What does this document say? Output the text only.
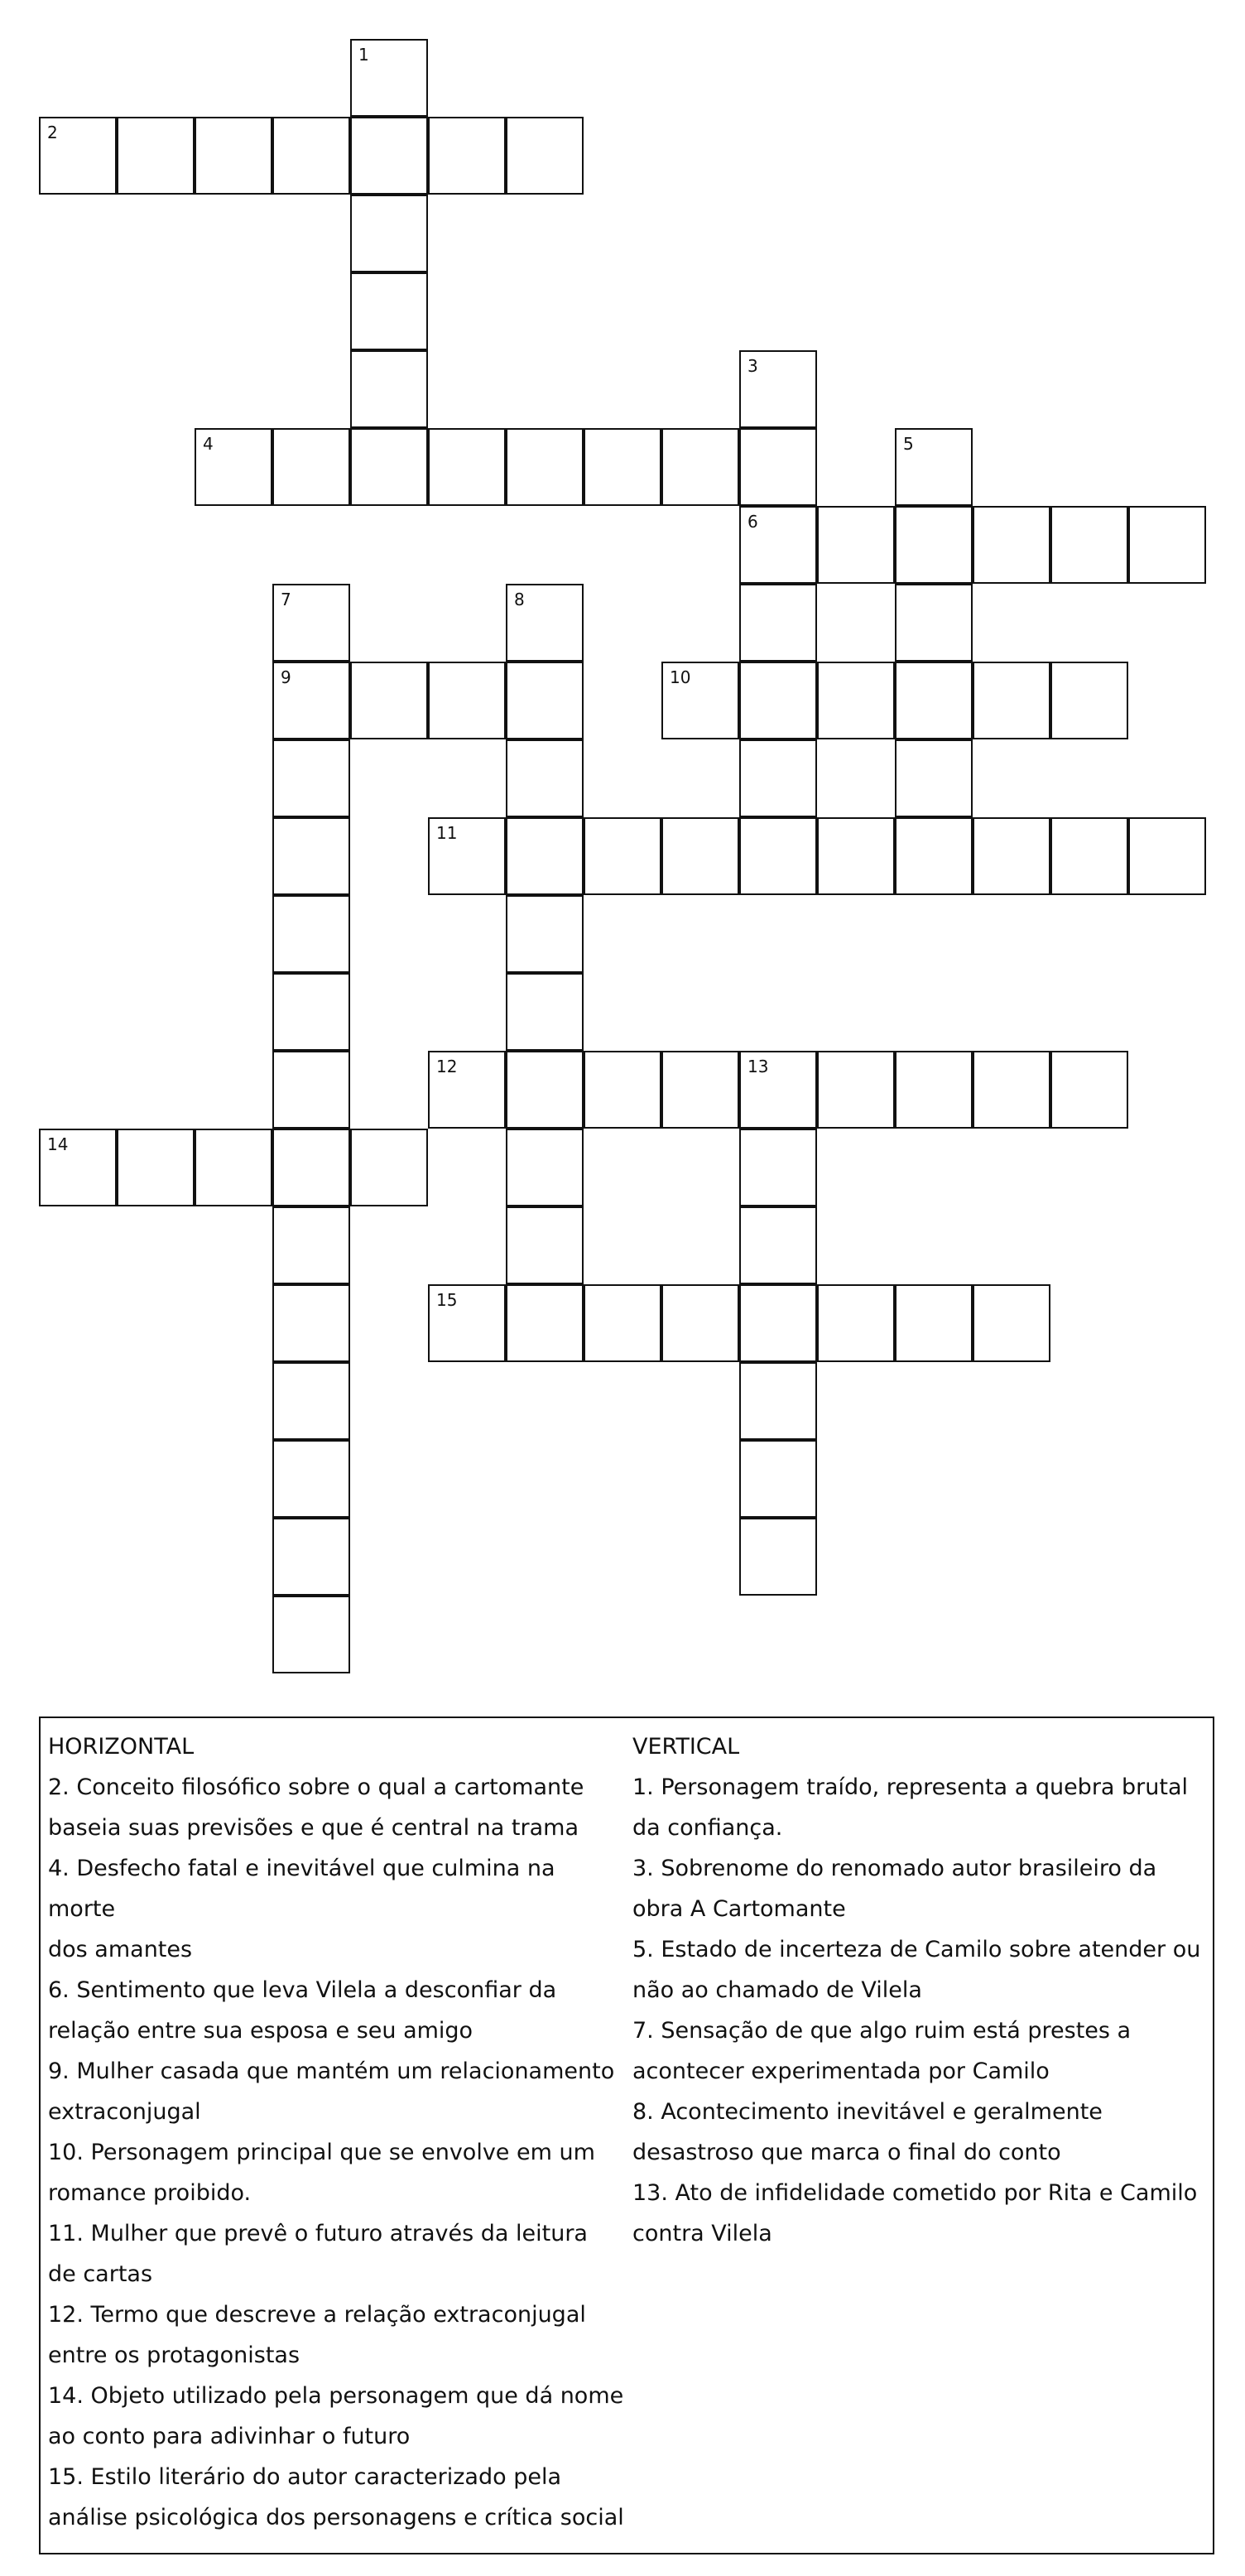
1
2
3
6
4	5
7
9
8
10
11
12	13
14
15

HORIZONTAL

2. Conceito filosófico sobre o qual a cartomante

baseia suas previsões e que é central na trama

4. Desfecho fatal e inevitável que culmina na morte

dos amantes

6. Sentimento que leva Vilela a desconfiar da

relação entre sua esposa e seu amigo

9. Mulher casada que mantém um relacionamento

extraconjugal

10. Personagem principal que se envolve em um

romance proibido.

11. Mulher que prevê o futuro através da leitura

de cartas

12. Termo que descreve a relação extraconjugal

entre os protagonistas

14. Objeto utilizado pela personagem que dá nome

ao conto para adivinhar o futuro

15. Estilo literário do autor caracterizado pela

análise psicológica dos personagens e crítica social

VERTICAL

1. Personagem traído, representa a quebra brutal

da confiança.

3. Sobrenome do renomado autor brasileiro da

obra A Cartomante

5. Estado de incerteza de Camilo sobre atender ou

não ao chamado de Vilela

7. Sensação de que algo ruim está prestes a

acontecer experimentada por Camilo

8. Acontecimento inevitável e geralmente

desastroso que marca o final do conto

13. Ato de infidelidade cometido por Rita e Camilo

contra Vilela
